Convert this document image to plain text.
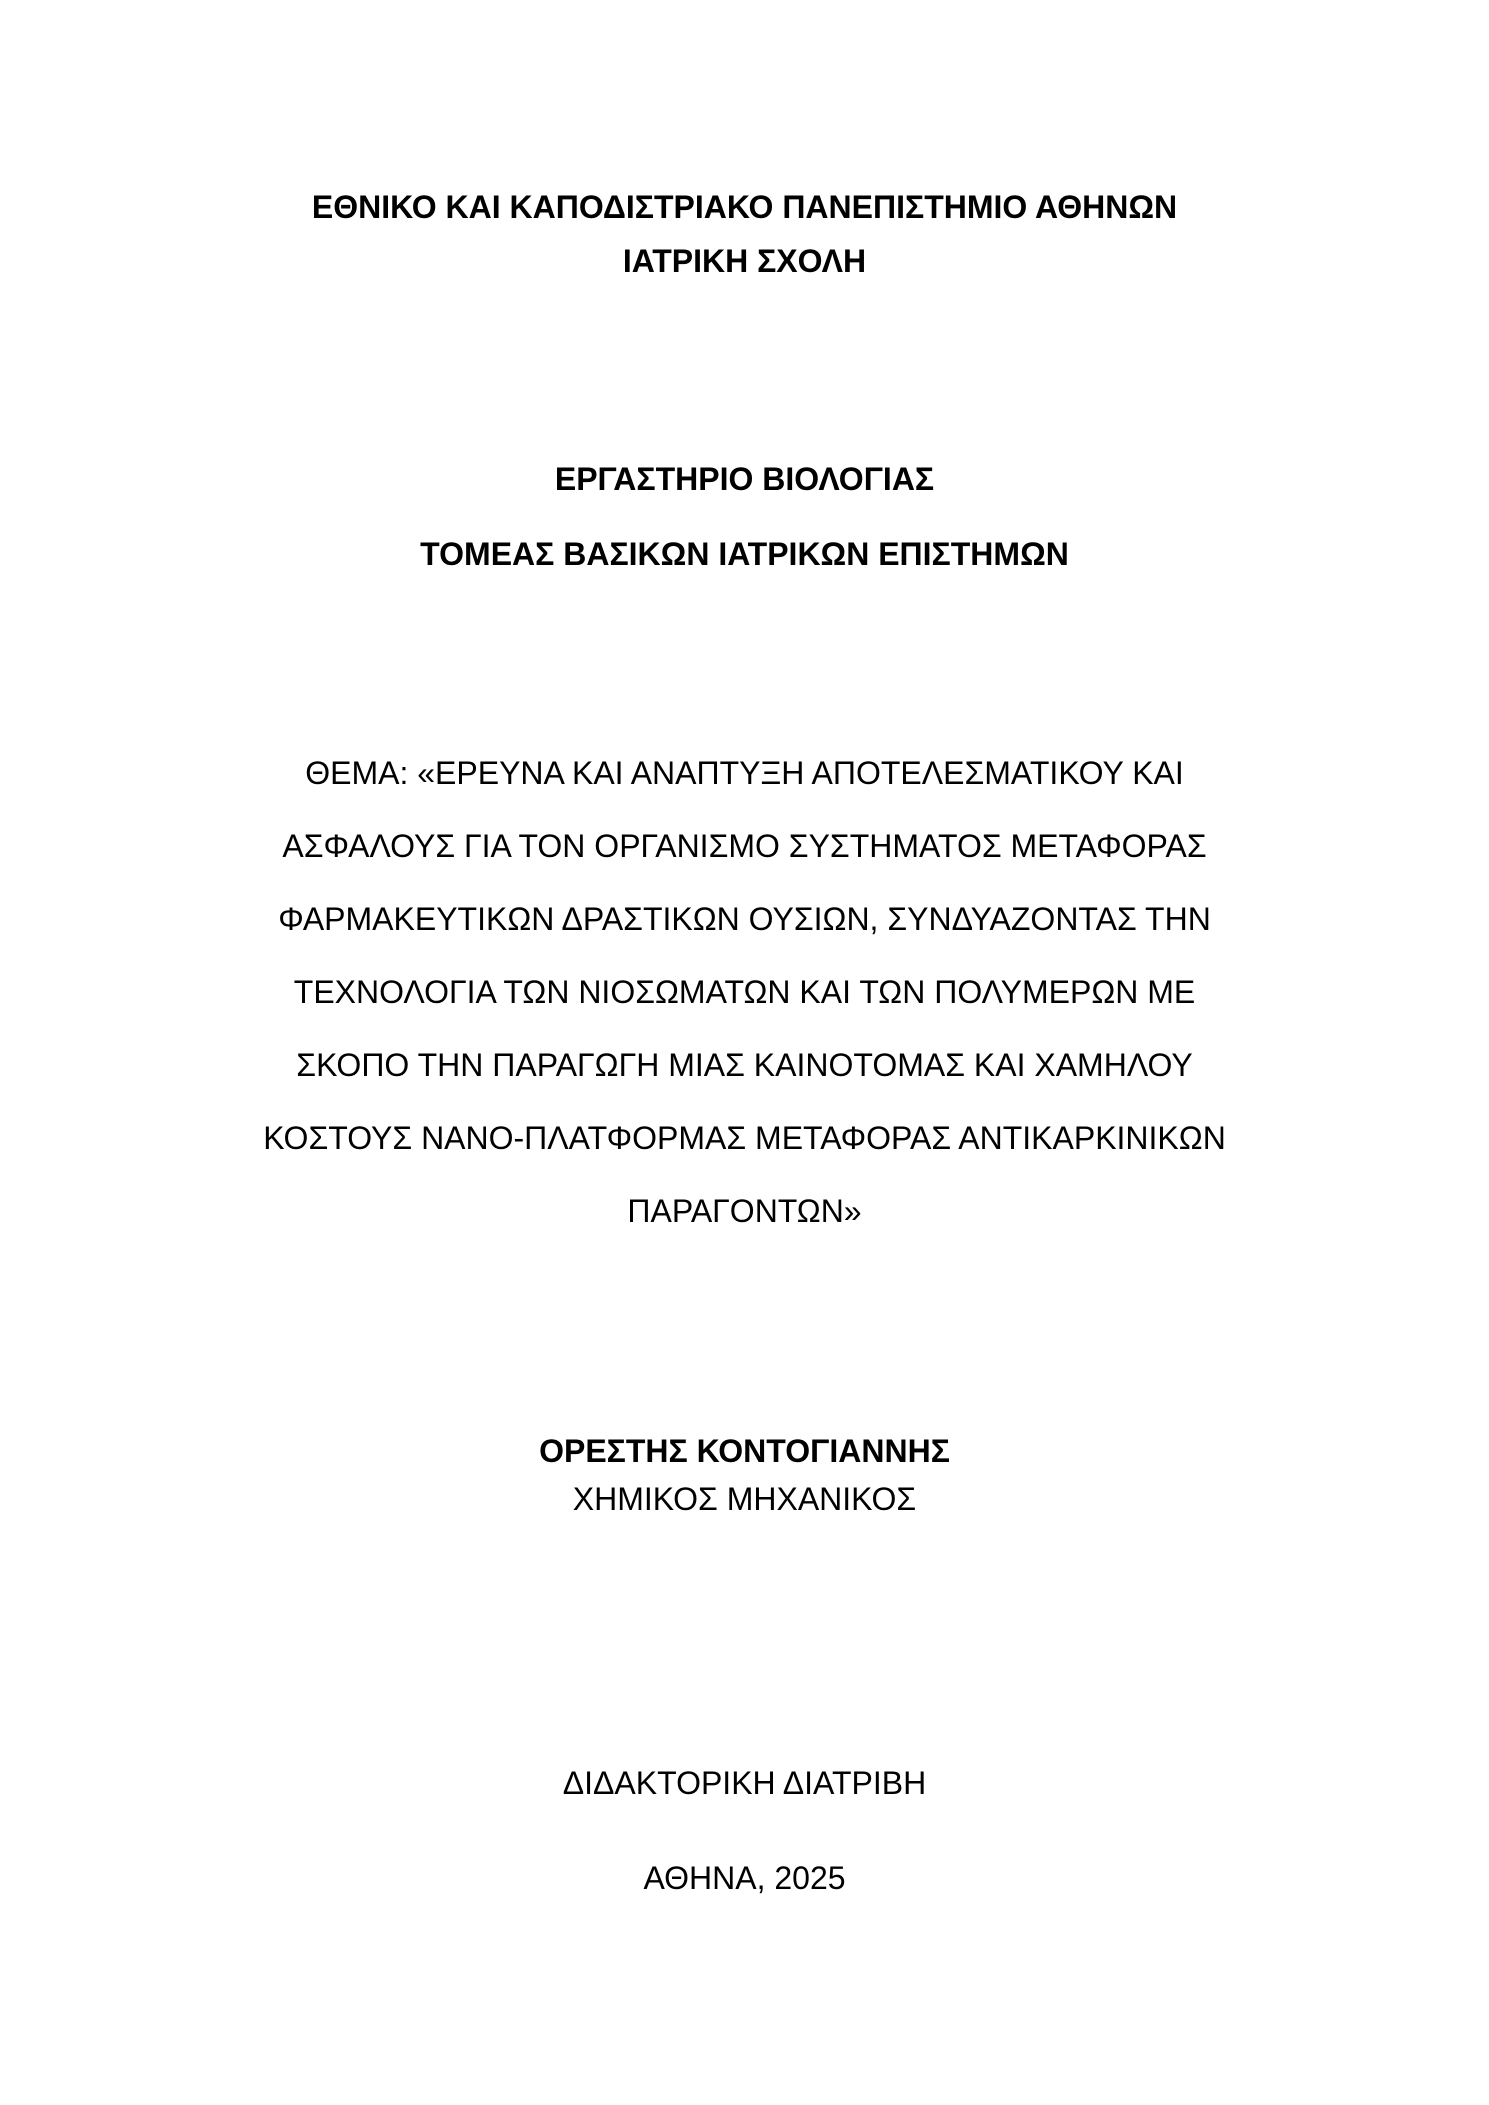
ΕΘΝΙΚΟ ΚΑΙ ΚΑΠΟΔΙΣΤΡΙΑΚΟ ΠΑΝΕΠΙΣΤΗΜΙΟ ΑΘΗΝΩΝ
ΙΑΤΡΙΚΗ ΣΧΟΛΗ
ΕΡΓΑΣΤΗΡΙΟ ΒΙΟΛΟΓΙΑΣ
ΤΟΜΕΑΣ ΒΑΣΙΚΩΝ ΙΑΤΡΙΚΩΝ ΕΠΙΣΤΗΜΩΝ
ΘΕΜΑ: «ΕΡΕΥΝΑ ΚΑΙ ΑΝΑΠΤΥΞΗ ΑΠΟΤΕΛΕΣΜΑΤΙΚΟΥ ΚΑΙ
ΑΣΦΑΛΟΥΣ ΓΙΑ ΤΟΝ ΟΡΓΑΝΙΣΜΟ ΣΥΣΤΗΜΑΤΟΣ ΜΕΤΑΦΟΡΑΣ
ΦΑΡΜΑΚΕΥΤΙΚΩΝ ΔΡΑΣΤΙΚΩΝ ΟΥΣΙΩΝ, ΣΥΝΔΥΑΖΟΝΤΑΣ ΤΗΝ
ΤΕΧΝΟΛΟΓΙΑ ΤΩΝ ΝΙΟΣΩΜΑΤΩΝ ΚΑΙ ΤΩΝ ΠΟΛΥΜΕΡΩΝ ΜΕ
ΣΚΟΠΟ ΤΗΝ ΠΑΡΑΓΩΓΗ ΜΙΑΣ ΚΑΙΝΟΤΟΜΑΣ ΚΑΙ ΧΑΜΗΛΟΥ
ΚΟΣΤΟΥΣ ΝΑΝΟ-ΠΛΑΤΦΟΡΜΑΣ ΜΕΤΑΦΟΡΑΣ ΑΝΤΙΚΑΡΚΙΝΙΚΩΝ
ΠΑΡΑΓΟΝΤΩΝ»
ΟΡΕΣΤΗΣ ΚΟΝΤΟΓΙΑΝΝΗΣ
ΧΗΜΙΚΟΣ ΜΗΧΑΝΙΚΟΣ
ΔΙΔΑΚΤΟΡΙΚΗ ΔΙΑΤΡΙΒΗ
ΑΘΗΝΑ, 2025
